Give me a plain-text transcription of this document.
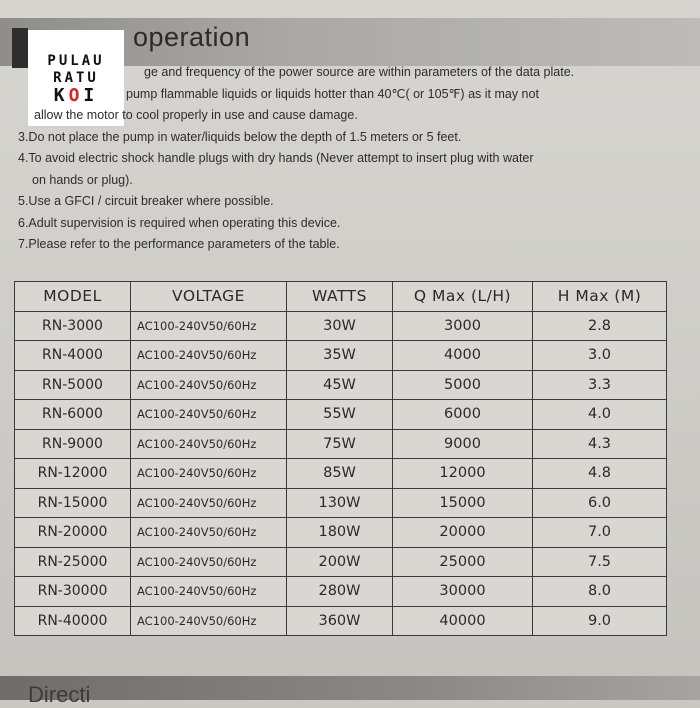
operation
PULAU
RATU
KOI
ge and frequency of the power source are within parameters of the data plate.
pump flammable liquids or liquids hotter than 40℃( or 105℉) as it may not
allow the motor to cool properly in use and cause damage.
3.Do not place the pump in water/liquids below the depth of 1.5 meters or 5 feet.
4.To avoid electric shock handle plugs with dry hands (Never attempt to insert plug with water
on hands or plug).
5.Use a GFCI / circuit breaker where possible.
6.Adult supervision is required when operating this device.
7.Please refer to the performance parameters of the table.
MODEL	VOLTAGE	WATTS	Q Max (L/H)	H Max (M)
RN-3000	AC100-240V50/60Hz	30W	3000	2.8
RN-4000	AC100-240V50/60Hz	35W	4000	3.0
RN-5000	AC100-240V50/60Hz	45W	5000	3.3
RN-6000	AC100-240V50/60Hz	55W	6000	4.0
RN-9000	AC100-240V50/60Hz	75W	9000	4.3
RN-12000	AC100-240V50/60Hz	85W	12000	4.8
RN-15000	AC100-240V50/60Hz	130W	15000	6.0
RN-20000	AC100-240V50/60Hz	180W	20000	7.0
RN-25000	AC100-240V50/60Hz	200W	25000	7.5
RN-30000	AC100-240V50/60Hz	280W	30000	8.0
RN-40000	AC100-240V50/60Hz	360W	40000	9.0
Directi
